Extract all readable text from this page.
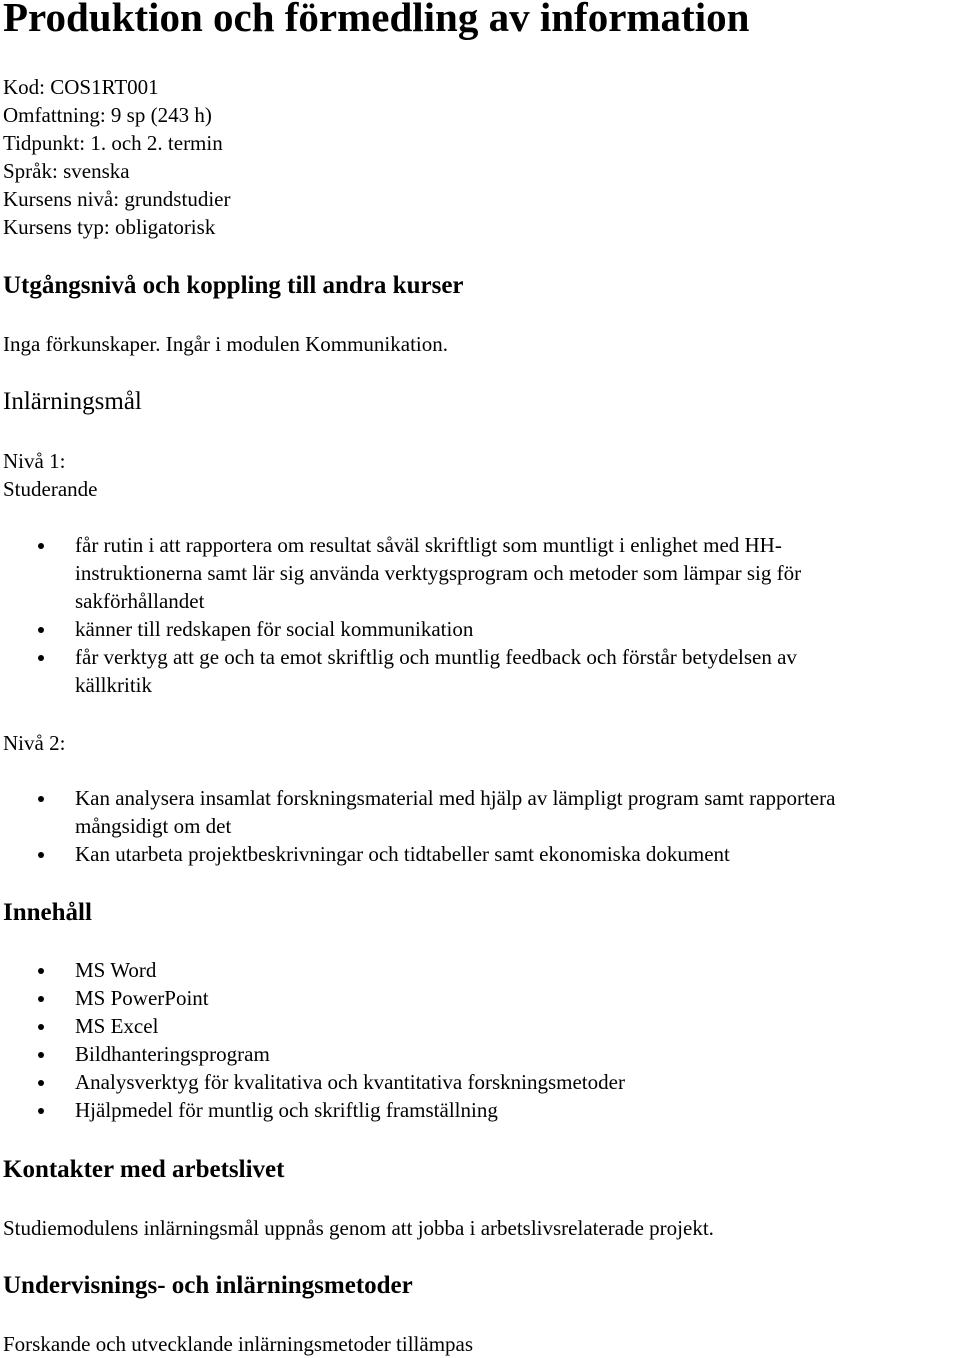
Produktion och förmedling av information
Kod: COS1RT001
Omfattning: 9 sp (243 h)
Tidpunkt: 1. och 2. termin
Språk: svenska
Kursens nivå: grundstudier
Kursens typ: obligatorisk
Utgångsnivå och koppling till andra kurser
Inga förkunskaper. Ingår i modulen Kommunikation.
Inlärningsmål
Nivå 1:
Studerande
får rutin i att rapportera om resultat såväl skriftligt som muntligt i enlighet med HH-
instruktionerna samt lär sig använda verktygsprogram och metoder som lämpar sig för
sakförhållandet
känner till redskapen för social kommunikation
får verktyg att ge och ta emot skriftlig och muntlig feedback och förstår betydelsen av
källkritik
Nivå 2:
Kan analysera insamlat forskningsmaterial med hjälp av lämpligt program samt rapportera
mångsidigt om det
Kan utarbeta projektbeskrivningar och tidtabeller samt ekonomiska dokument
Innehåll
MS Word
MS PowerPoint
MS Excel
Bildhanteringsprogram
Analysverktyg för kvalitativa och kvantitativa forskningsmetoder
Hjälpmedel för muntlig och skriftlig framställning
Kontakter med arbetslivet
Studiemodulens inlärningsmål uppnås genom att jobba i arbetslivsrelaterade projekt.
Undervisnings- och inlärningsmetoder
Forskande och utvecklande inlärningsmetoder tillämpas
